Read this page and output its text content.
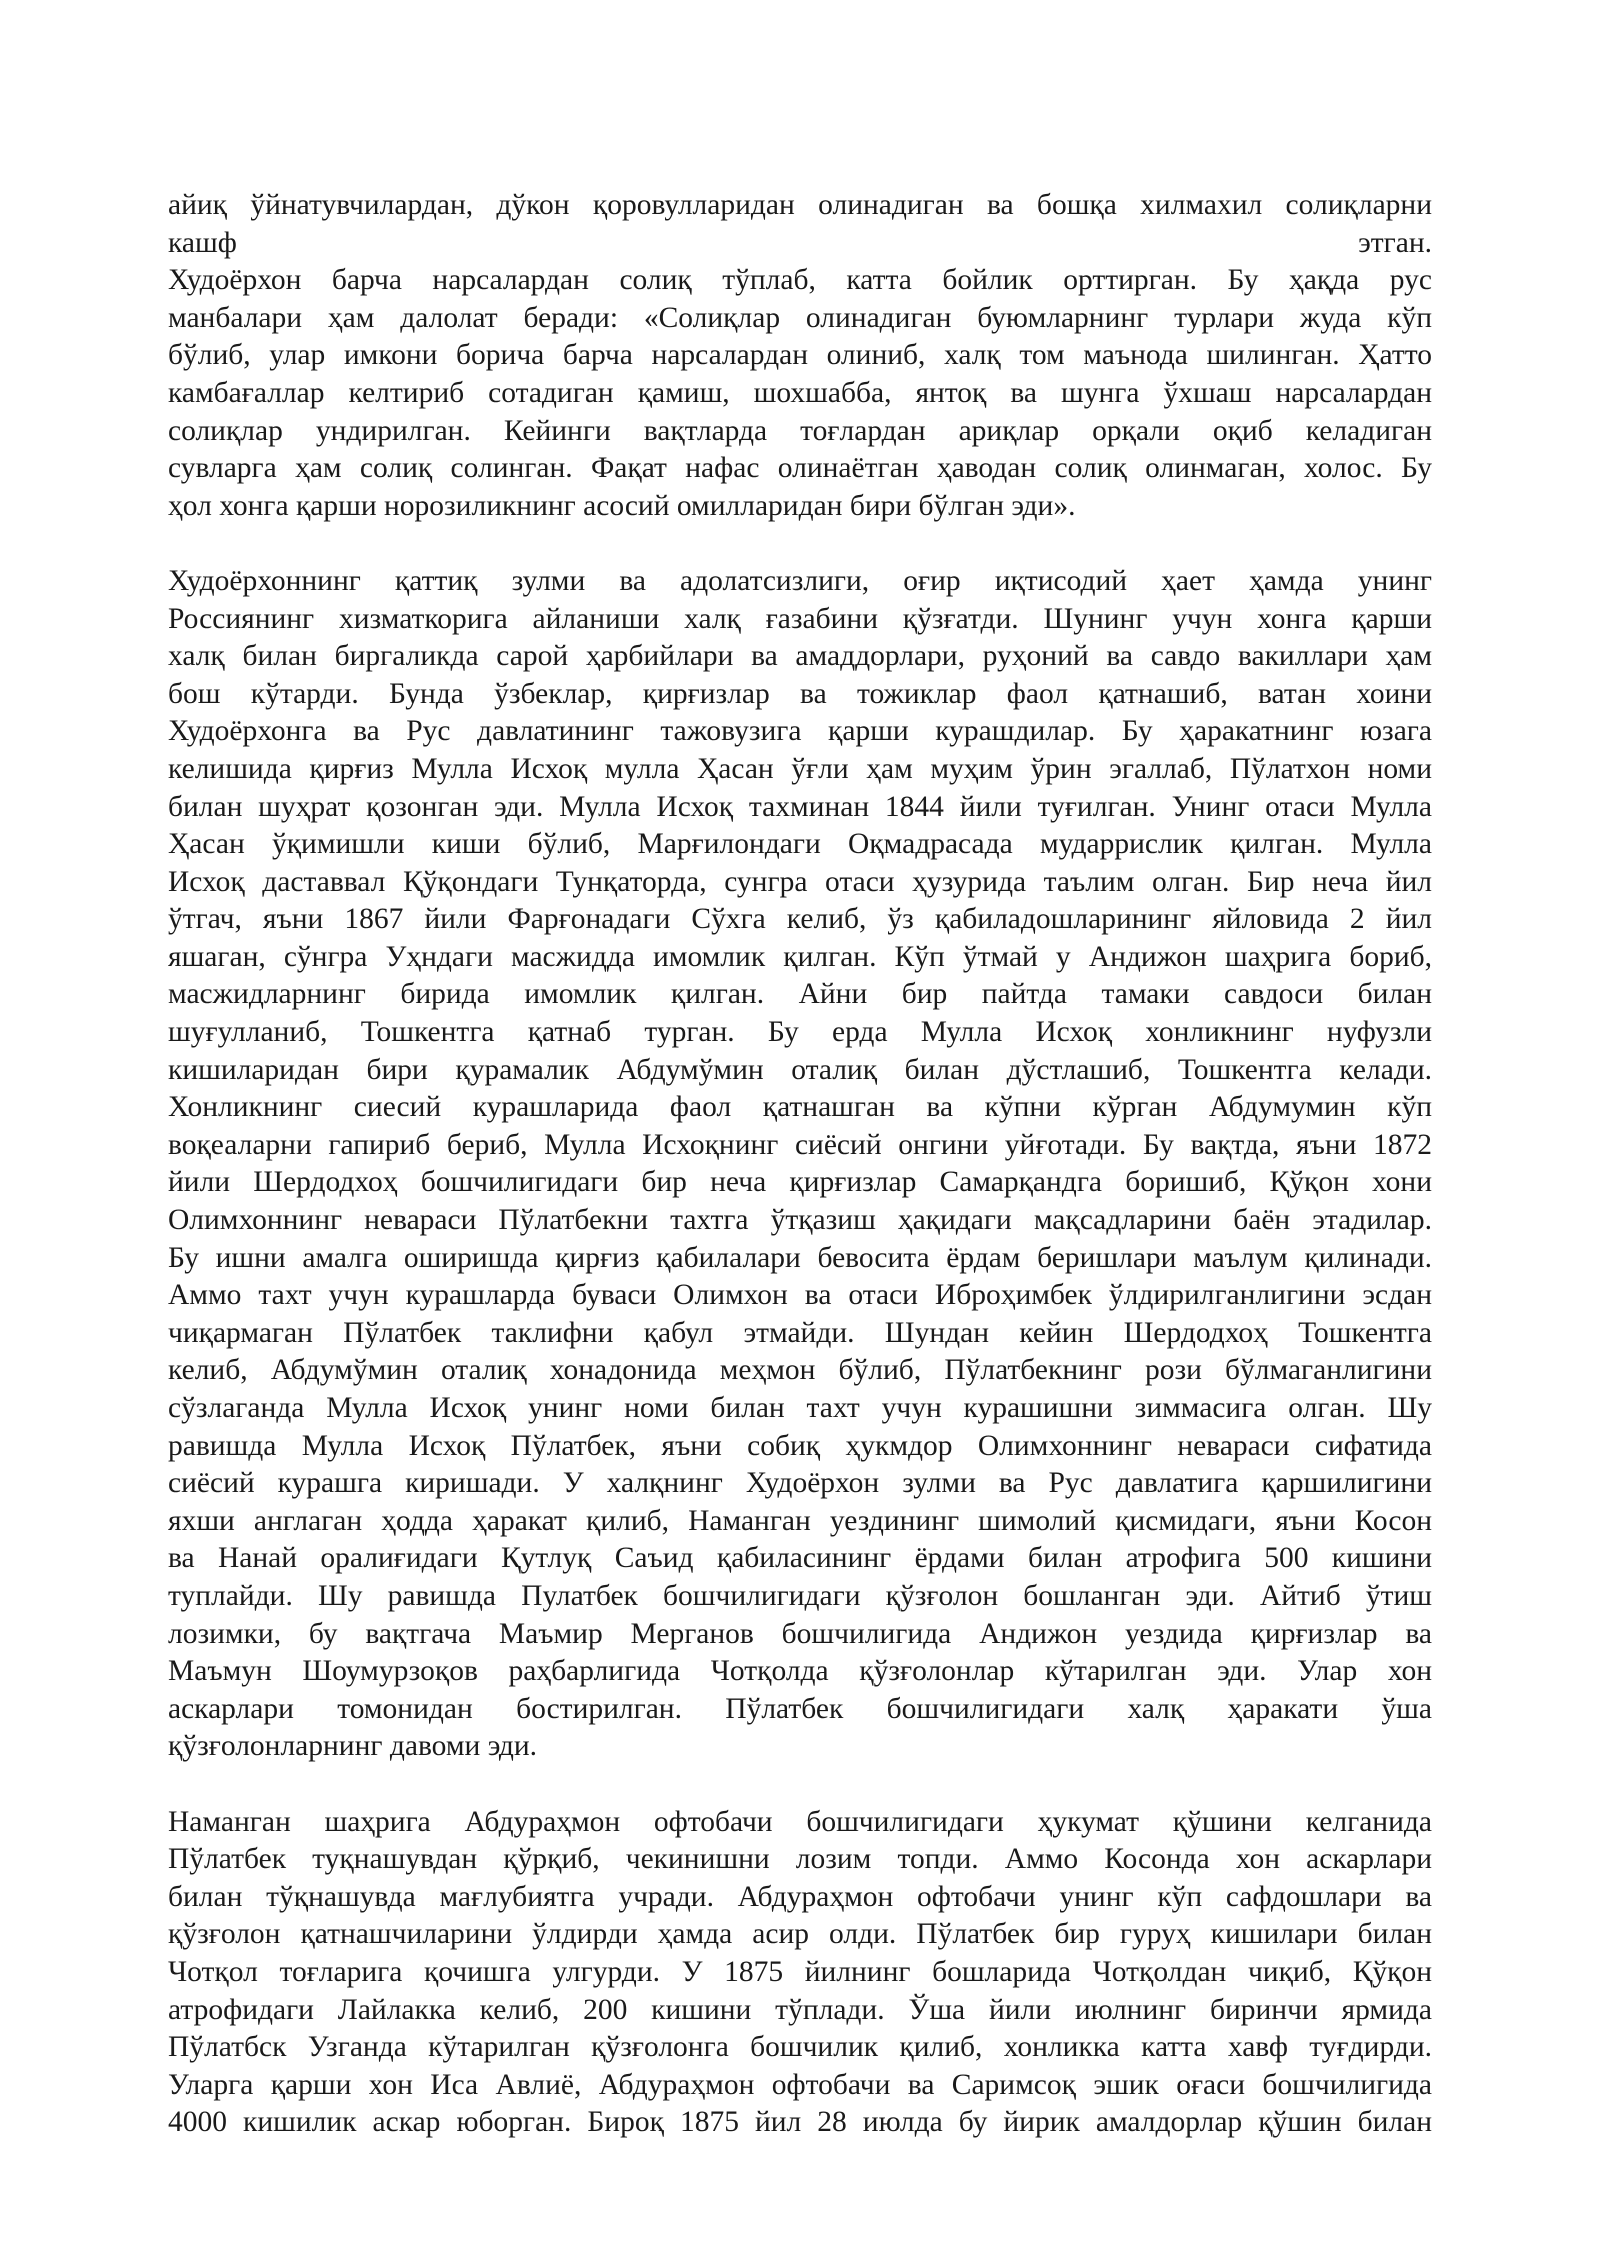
айиқ ўйнатувчилардан, дўкон қоровулларидан олинадиган ва бошқа хилмахил солиқларни
кашф этган.
Худоёрхон барча нарсалардан солиқ тўплаб, катта бойлик орттирган. Бу ҳақда рус
манбалари ҳам далолат беради: «Солиқлар олинадиган буюмларнинг турлари жуда кўп
бўлиб, улар имкони борича барча нарсалардан олиниб, халқ том маънода шилинган. Ҳатто
камбағаллар келтириб сотадиган қамиш, шохшабба, янтоқ ва шунга ўхшаш нарсалардан
солиқлар ундирилган. Кейинги вақтларда тоғлардан ариқлар орқали оқиб келадиган
сувларга ҳам солиқ солинган. Фақат нафас олинаётган ҳаводан солиқ олинмаган, холос. Бу
ҳол хонга қарши норозиликнинг асосий омилларидан бири бўлган эди».
Худоёрхоннинг қаттиқ зулми ва адолатсизлиги, оғир иқтисодий ҳает ҳамда унинг
Россиянинг хизматкорига айланиши халқ ғазабини қўзғатди. Шунинг учун хонга қарши
халқ билан биргаликда сарой ҳарбийлари ва амаддорлари, руҳоний ва савдо вакиллари ҳам
бош кўтарди. Бунда ўзбеклар, қирғизлар ва тожиклар фаол қатнашиб, ватан хоини
Худоёрхонга ва Рус давлатининг тажовузига қарши курашдилар. Бу ҳаракатнинг юзага
келишида қирғиз Мулла Исхоқ мулла Ҳасан ўғли ҳам муҳим ўрин эгаллаб, Пўлатхон номи
билан шуҳрат қозонган эди. Мулла Исхоқ тахминан 1844 йили туғилган. Унинг отаси Мулла
Ҳасан ўқимишли киши бўлиб, Марғилондаги Оқмадрасада мударрислик қилган. Мулла
Исхоқ даставвал Қўқондаги Тунқаторда, сунгра отаси ҳузурида таълим олган. Бир неча йил
ўтгач, яъни 1867 йили Фарғонадаги Сўхга келиб, ўз қабиладошларининг яйловида 2 йил
яшаган, сўнгра Уҳндаги масжидда имомлик қилган. Кўп ўтмай у Андижон шаҳрига бориб,
масжидларнинг бирида имомлик қилган. Айни бир пайтда тамаки савдоси билан
шуғулланиб, Тошкентга қатнаб турган. Бу ерда Мулла Исхоқ хонликнинг нуфузли
кишиларидан бири қурамалик Абдумўмин оталиқ билан дўстлашиб, Тошкентга келади.
Хонликнинг сиесий курашларида фаол қатнашган ва кўпни кўрган Абдумумин кўп
воқеаларни гапириб бериб, Мулла Исхоқнинг сиёсий онгини уйғотади. Бу вақтда, яъни 1872
йили Шердодхоҳ бошчилигидаги бир неча қирғизлар Самарқандга боришиб, Қўқон хони
Олимхоннинг невараси Пўлатбекни тахтга ўтқазиш ҳақидаги мақсадларини баён этадилар.
Бу ишни амалга оширишда қирғиз қабилалари бевосита ёрдам беришлари маълум қилинади.
Аммо тахт учун курашларда буваси Олимхон ва отаси Иброҳимбек ўлдирилганлигини эсдан
чиқармаган Пўлатбек таклифни қабул этмайди. Шундан кейин Шердодхоҳ Тошкентга
келиб, Абдумўмин оталиқ хонадонида меҳмон бўлиб, Пўлатбекнинг рози бўлмаганлигини
сўзлаганда Мулла Исхоқ унинг номи билан тахт учун курашишни зиммасига олган. Шу
равишда Мулла Исхоқ Пўлатбек, яъни собиқ ҳукмдор Олимхоннинг невараси сифатида
сиёсий курашга киришади. У халқнинг Худоёрхон зулми ва Рус давлатига қаршилигини
яхши англаган ҳодда ҳаракат қилиб, Наманган уездининг шимолий қисмидаги, яъни Косон
ва Нанай оралиғидаги Қутлуқ Саъид қабиласининг ёрдами билан атрофига 500 кишини
туплайди. Шу равишда Пулатбек бошчилигидаги қўзғолон бошланган эди. Айтиб ўтиш
лозимки, бу вақтгача Маъмир Мерганов бошчилигида Андижон уездида қирғизлар ва
Маъмун Шоумурзоқов раҳбарлигида Чотқолда қўзғолонлар кўтарилган эди. Улар хон
аскарлари томонидан бостирилган. Пўлатбек бошчилигидаги халқ ҳаракати ўша
қўзғолонларнинг давоми эди.
Наманган шаҳрига Абдураҳмон офтобачи бошчилигидаги ҳукумат қўшини келганида
Пўлатбек туқнашувдан қўрқиб, чекинишни лозим топди. Аммо Косонда хон аскарлари
билан тўқнашувда мағлубиятга учради. Абдураҳмон офтобачи унинг кўп сафдошлари ва
қўзғолон қатнашчиларини ўлдирди ҳамда асир олди. Пўлатбек бир гуруҳ кишилари билан
Чотқол тоғларига қочишга улгурди. У 1875 йилнинг бошларида Чотқолдан чиқиб, Қўқон
атрофидаги Лайлакка келиб, 200 кишини тўплади. Ўша йили июлнинг биринчи ярмида
Пўлатбск Узганда кўтарилган қўзғолонга бошчилик қилиб, хонликка катта хавф туғдирди.
Уларга қарши хон Иса Авлиё, Абдураҳмон офтобачи ва Саримсоқ эшик оғаси бошчилигида
4000 кишилик аскар юборган. Бироқ 1875 йил 28 июлда бу йирик амалдорлар қўшин билан
